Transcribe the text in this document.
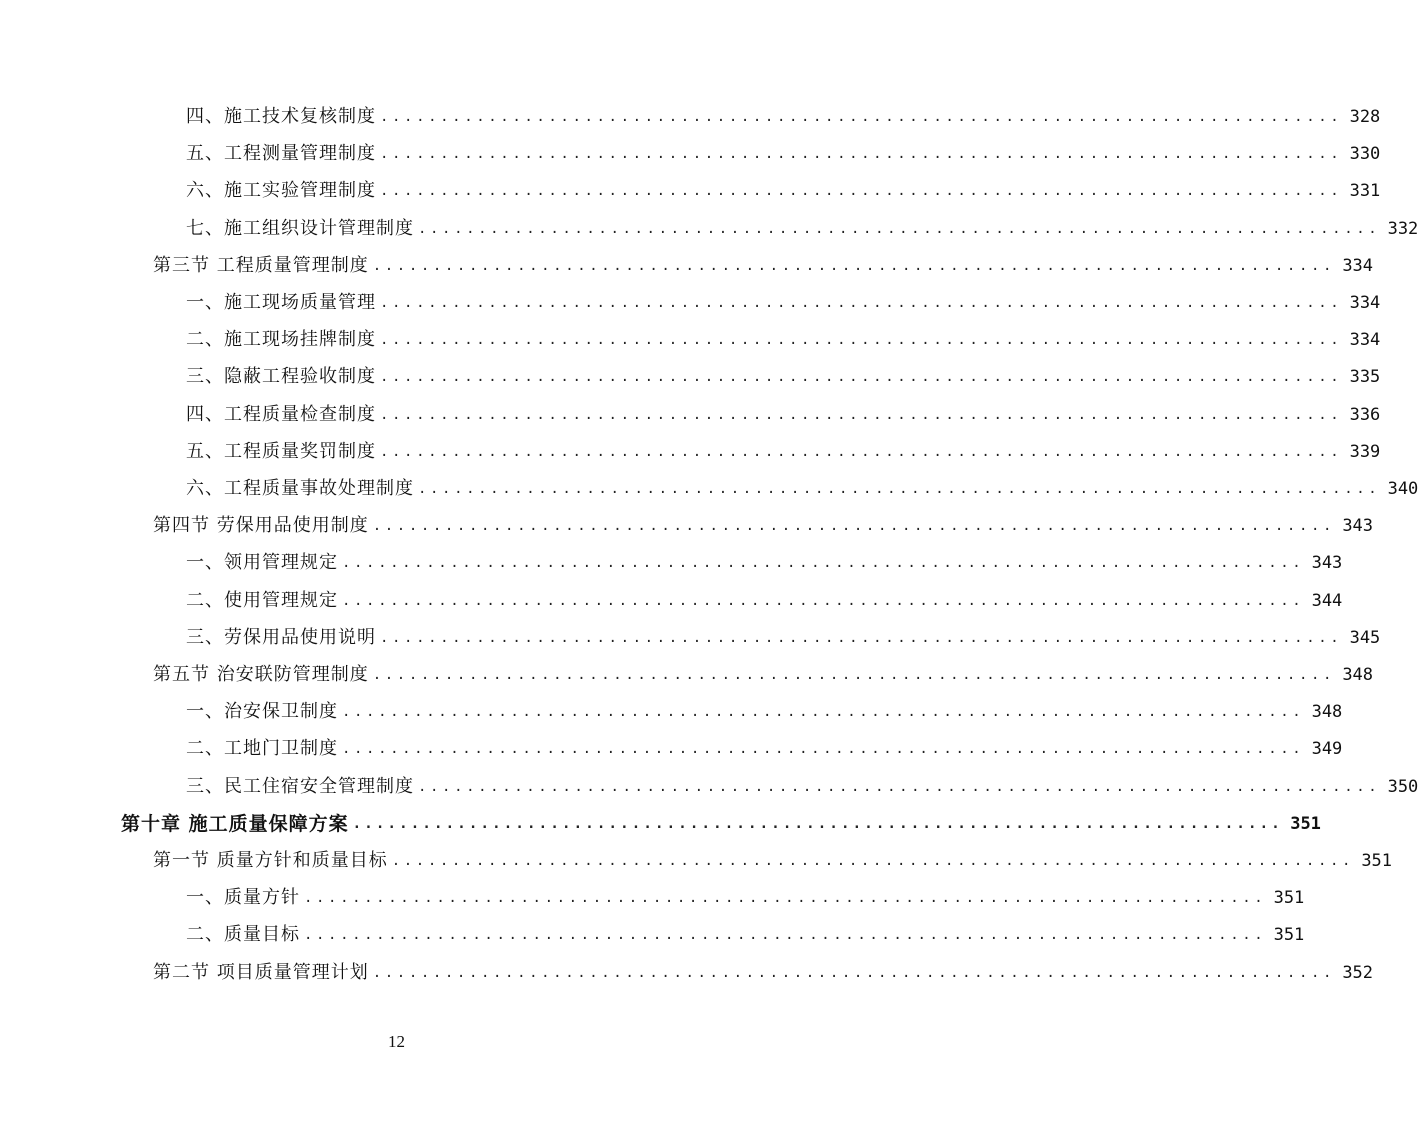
四、施工技术复核制度 ................................................................................ 328
五、工程测量管理制度 ................................................................................ 330
六、施工实验管理制度 ................................................................................ 331
七、施工组织设计管理制度 ................................................................................ 332
第三节 工程质量管理制度 ................................................................................ 334
一、施工现场质量管理 ................................................................................ 334
二、施工现场挂牌制度 ................................................................................ 334
三、隐蔽工程验收制度 ................................................................................ 335
四、工程质量检查制度 ................................................................................ 336
五、工程质量奖罚制度 ................................................................................ 339
六、工程质量事故处理制度 ................................................................................ 340
第四节 劳保用品使用制度 ................................................................................ 343
一、领用管理规定 ................................................................................ 343
二、使用管理规定 ................................................................................ 344
三、劳保用品使用说明 ................................................................................ 345
第五节 治安联防管理制度 ................................................................................ 348
一、治安保卫制度 ................................................................................ 348
二、工地门卫制度 ................................................................................ 349
三、民工住宿安全管理制度 ................................................................................ 350
第十章 施工质量保障方案 ................................................................................ 351
第一节 质量方针和质量目标 ................................................................................ 351
一、质量方针 ................................................................................ 351
二、质量目标 ................................................................................ 351
第二节 项目质量管理计划 ................................................................................ 352
12
